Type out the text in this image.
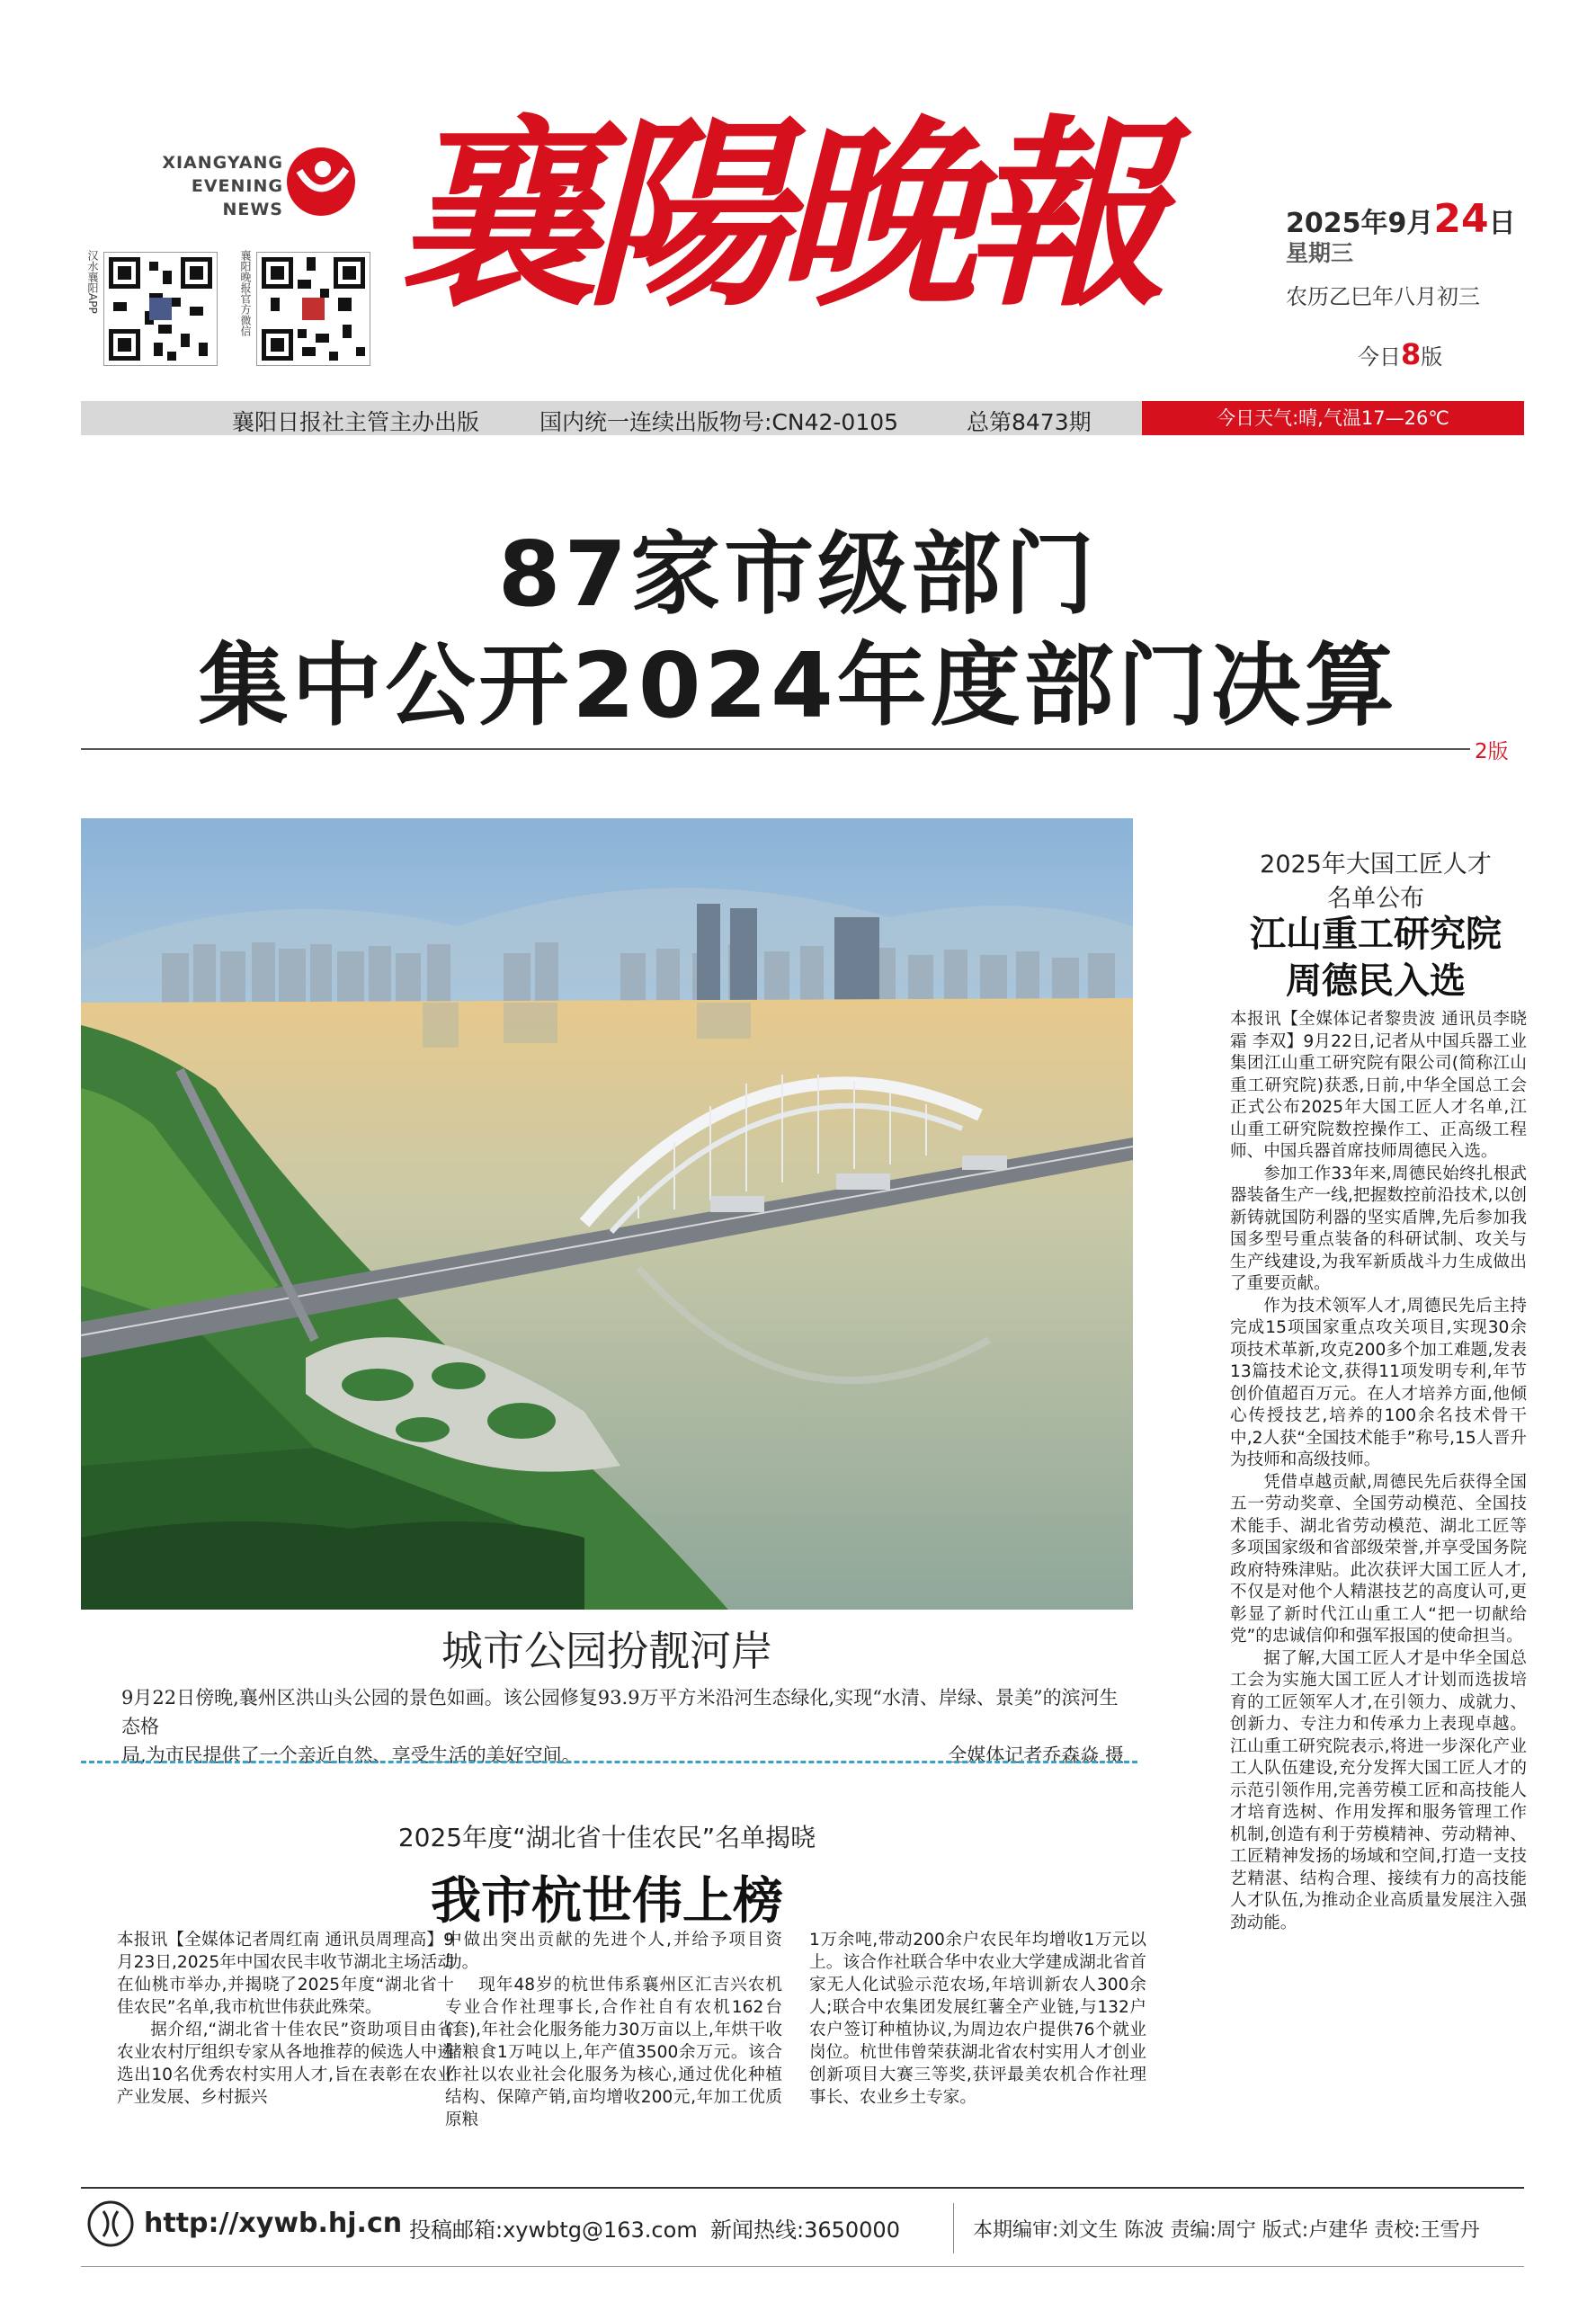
XIANGYANG
EVENING NEWS 襄陽晚報
汉水襄阳APP	襄阳晚报官方微信
2025年9月24日
星期三
农历乙巳年八月初三
今日8版
襄阳日报社主管主办出版	国内统一连续出版物号:CN42-0105	总第8473期	今日天气:晴,气温17—26℃
87家市级部门
集中公开2024年度部门决算
2版
城市公园扮靓河岸
9月22日傍晚,襄州区洪山头公园的景色如画。该公园修复93.9万平方米沿河生态绿化,实现“水清、岸绿、景美”的滨河生态格
局,为市民提供了一个亲近自然、享受生活的美好空间。	全媒体记者乔森焱 摄
2025年大国工匠人才
名单公布
江山重工研究院
周德民入选

本报讯【全媒体记者黎贵波 通讯员李晓霜 李双】9月22日,记者从中国兵器工业集团江山重工研究院有限公司(简称江山重工研究院)获悉,日前,中华全国总工会正式公布2025年大国工匠人才名单,江山重工研究院数控操作工、正高级工程师、中国兵器首席技师周德民入选。

参加工作33年来,周德民始终扎根武器装备生产一线,把握数控前沿技术,以创新铸就国防利器的坚实盾牌,先后参加我国多型号重点装备的科研试制、攻关与生产线建设,为我军新质战斗力生成做出了重要贡献。

作为技术领军人才,周德民先后主持完成15项国家重点攻关项目,实现30余项技术革新,攻克200多个加工难题,发表13篇技术论文,获得11项发明专利,年节创价值超百万元。在人才培养方面,他倾心传授技艺,培养的100余名技术骨干中,2人获“全国技术能手”称号,15人晋升为技师和高级技师。

凭借卓越贡献,周德民先后获得全国五一劳动奖章、全国劳动模范、全国技术能手、湖北省劳动模范、湖北工匠等多项国家级和省部级荣誉,并享受国务院政府特殊津贴。此次获评大国工匠人才,不仅是对他个人精湛技艺的高度认可,更彰显了新时代江山重工人“把一切献给党”的忠诚信仰和强军报国的使命担当。

据了解,大国工匠人才是中华全国总工会为实施大国工匠人才计划而选拔培育的工匠领军人才,在引领力、成就力、创新力、专注力和传承力上表现卓越。江山重工研究院表示,将进一步深化产业工人队伍建设,充分发挥大国工匠人才的示范引领作用,完善劳模工匠和高技能人才培育选树、作用发挥和服务管理工作机制,创造有利于劳模精神、劳动精神、工匠精神发扬的场域和空间,打造一支技艺精湛、结构合理、接续有力的高技能人才队伍,为推动企业高质量发展注入强劲动能。

2025年度“湖北省十佳农民”名单揭晓
我市杭世伟上榜

本报讯【全媒体记者周红南 通讯员周理高】9月23日,2025年中国农民丰收节湖北主场活动在仙桃市举办,并揭晓了2025年度“湖北省十佳农民”名单,我市杭世伟获此殊荣。

据介绍,“湖北省十佳农民”资助项目由省农业农村厅组织专家从各地推荐的候选人中遴选出10名优秀农村实用人才,旨在表彰在农业产业发展、乡村振兴

中做出突出贡献的先进个人,并给予项目资助。

现年48岁的杭世伟系襄州区汇吉兴农机专业合作社理事长,合作社自有农机162台(套),年社会化服务能力30万亩以上,年烘干收储粮食1万吨以上,年产值3500余万元。该合作社以农业社会化服务为核心,通过优化种植结构、保障产销,亩均增收200元,年加工优质原粮

1万余吨,带动200余户农民年均增收1万元以上。该合作社联合华中农业大学建成湖北省首家无人化试验示范农场,年培训新农人300余人;联合中农集团发展红薯全产业链,与132户农户签订种植协议,为周边农户提供76个就业岗位。杭世伟曾荣获湖北省农村实用人才创业创新项目大赛三等奖,获评最美农机合作社理事长、农业乡土专家。

http://xywb.hj.cn 投稿邮箱:xywbtg@163.com 新闻热线:3650000	本期编审:刘文生 陈波 责编:周宁 版式:卢建华 责校:王雪丹
